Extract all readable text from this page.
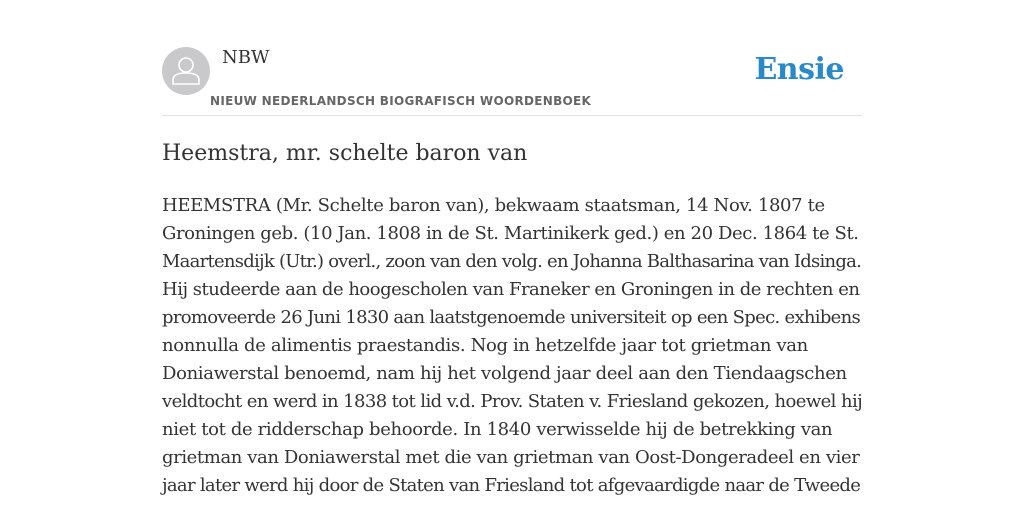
NBW
NIEUW NEDERLANDSCH BIOGRAFISCH WOORDENBOEK
Ensie
Heemstra, mr. schelte baron van
HEEMSTRA (Mr. Schelte baron van), bekwaam staatsman, 14 Nov. 1807 te
Groningen geb. (10 Jan. 1808 in de St. Martinikerk ged.) en 20 Dec. 1864 te St.
Maartensdijk (Utr.) overl., zoon van den volg. en Johanna Balthasarina van Idsinga.
Hij studeerde aan de hoogescholen van Franeker en Groningen in de rechten en
promoveerde 26 Juni 1830 aan laatstgenoemde universiteit op een Spec. exhibens
nonnulla de alimentis praestandis. Nog in hetzelfde jaar tot grietman van
Doniawerstal benoemd, nam hij het volgend jaar deel aan den Tiendaagschen
veldtocht en werd in 1838 tot lid v.d. Prov. Staten v. Friesland gekozen, hoewel hij
niet tot de ridderschap behoorde. In 1840 verwisselde hij de betrekking van
grietman van Doniawerstal met die van grietman van Oost-Dongeradeel en vier
jaar later werd hij door de Staten van Friesland tot afgevaardigde naar de Tweede
